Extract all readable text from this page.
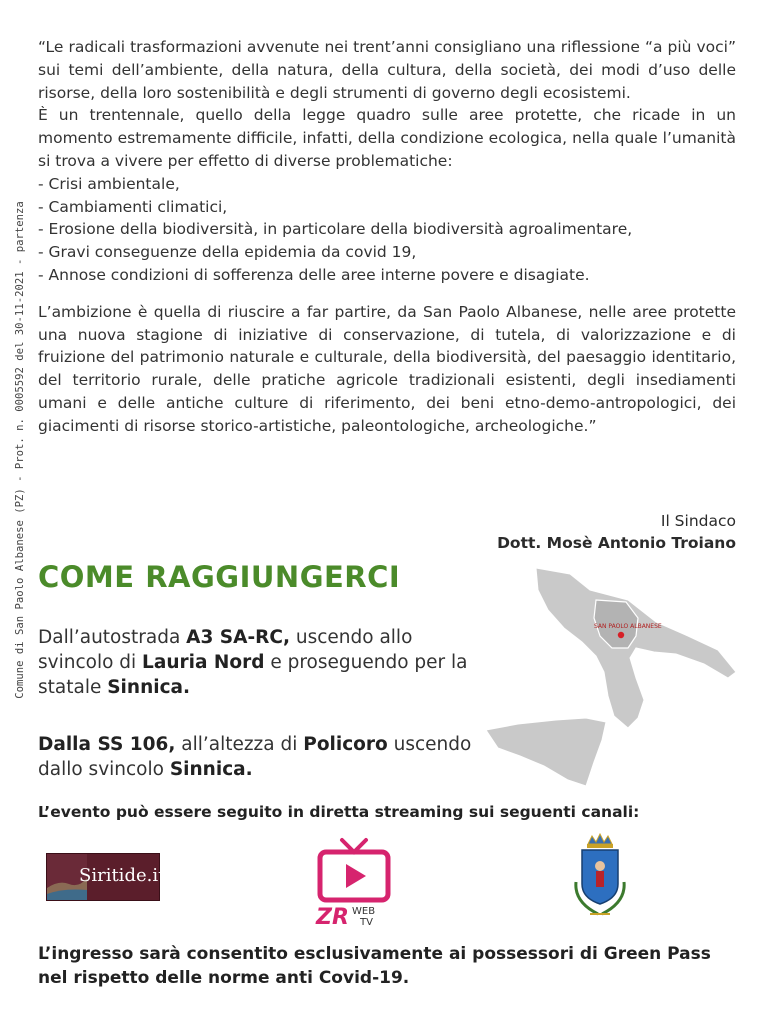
Comune di San Paolo Albanese (PZ) - Prot. n. 0005592 del 30-11-2021 - partenza

“Le radicali trasformazioni avvenute nei trent’anni consigliano una riflessione “a più voci” sui temi dell’ambiente, della natura, della cultura, della società, dei modi d’uso delle risorse, della loro sostenibilità e degli strumenti di governo degli ecosistemi.

È un trentennale, quello della legge quadro sulle aree protette, che ricade in un momento estremamente difficile, infatti, della condizione ecologica, nella quale l’umanità si trova a vivere per effetto di diverse problematiche:

- Crisi ambientale,
- Cambiamenti climatici,
- Erosione della biodiversità, in particolare della biodiversità agroalimentare,
- Gravi conseguenze della epidemia da covid 19,
- Annose condizioni di sofferenza delle aree interne povere e disagiate.

L’ambizione è quella di riuscire a far partire, da San Paolo Albanese, nelle aree protette una nuova stagione di iniziative di conservazione, di tutela, di valorizzazione e di fruizione del patrimonio naturale e culturale, della biodiversità, del paesaggio identitario, del territorio rurale, delle pratiche agricole tradizionali esistenti, degli insediamenti umani e delle antiche culture di riferimento, dei beni etno-demo-antropologici, dei giacimenti di risorse storico-artistiche, paleontologiche, archeologiche.”

Il Sindaco
Dott. Mosè Antonio Troiano
COME RAGGIUNGERCI
Dall’autostrada A3 SA-RC, uscendo allo svincolo di Lauria Nord e proseguendo per la statale Sinnica.
Dalla SS 106, all’altezza di Policoro uscendo dallo svincolo Sinnica.
SAN PAOLO ALBANESE
L’evento può essere seguito in diretta streaming sui seguenti canali:
Siritide.it
ZR WEB
TV

L’ingresso sarà consentito esclusivamente ai possessori di Green Pass

nel rispetto delle norme anti Covid-19.
